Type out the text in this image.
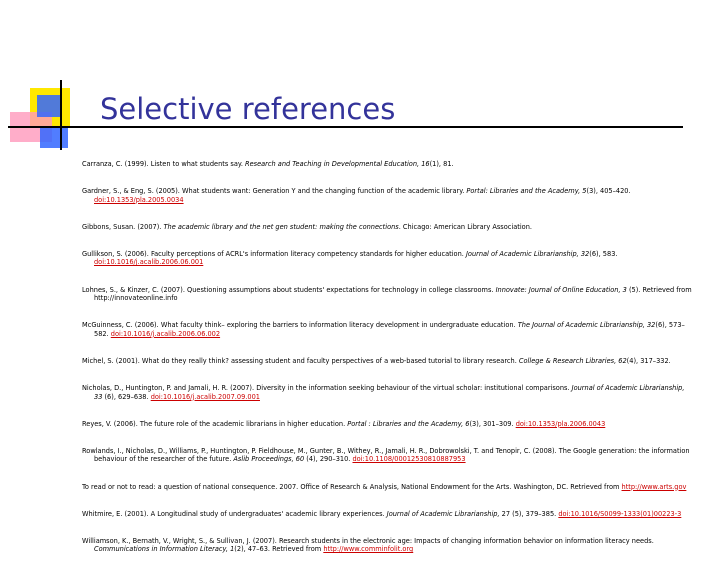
Selective references

Carranza, C. (1999). Listen to what students say. Research and Teaching in Developmental Education, 16(1), 81.

Gardner, S., & Eng, S. (2005). What students want: Generation Y and the changing function of the academic library. Portal: Libraries and the Academy, 5(3), 405–420. doi:10.1353/pla.2005.0034

Gibbons, Susan. (2007). The academic library and the net gen student: making the connections. Chicago: American Library Association.

Gullikson, S. (2006). Faculty perceptions of ACRL's information literacy competency standards for higher education. Journal of Academic Librarianship, 32(6), 583. doi:10.1016/j.acalib.2006.06.001

Lohnes, S., & Kinzer, C. (2007). Questioning assumptions about students' expectations for technology in college classrooms. Innovate: Journal of Online Education, 3 (5). Retrieved from http://innovateonline.info

McGuinness, C. (2006). What faculty think– exploring the barriers to information literacy development in undergraduate education. The Journal of Academic Librarianship, 32(6), 573–582. doi:10.1016/j.acalib.2006.06.002

Michel, S. (2001). What do they really think? assessing student and faculty perspectives of a web-based tutorial to library research. College & Research Libraries, 62(4), 317–332.

Nicholas, D., Huntington, P. and Jamali, H. R. (2007). Diversity in the information seeking behaviour of the virtual scholar: institutional comparisons. Journal of Academic Librarianship, 33 (6), 629–638. doi:10.1016/j.acalib.2007.09.001

Reyes, V. (2006). The future role of the academic librarians in higher education. Portal : Libraries and the Academy, 6(3), 301–309. doi:10.1353/pla.2006.0043

Rowlands, I., Nicholas, D., Williams, P., Huntington, P. Fieldhouse, M., Gunter, B., Withey, R., Jamali, H. R., Dobrowolski, T. and Tenopir, C. (2008). The Google generation: the information behaviour of the researcher of the future. Aslib Proceedings, 60 (4), 290–310. doi:10.1108/00012530810887953

To read or not to read: a question of national consequence. 2007. Office of Research & Analysis, National Endowment for the Arts. Washington, DC. Retrieved from http://www.arts.gov

Whitmire, E. (2001). A Longitudinal study of undergraduates' academic library experiences. Journal of Academic Librarianship, 27 (5), 379–385. doi:10.1016/S0099-1333(01)00223-3

Williamson, K., Bernath, V., Wright, S., & Sullivan, J. (2007). Research students in the electronic age: Impacts of changing information behavior on information literacy needs. Communications in Information Literacy, 1(2), 47–63. Retrieved from http://www.comminfolit.org
